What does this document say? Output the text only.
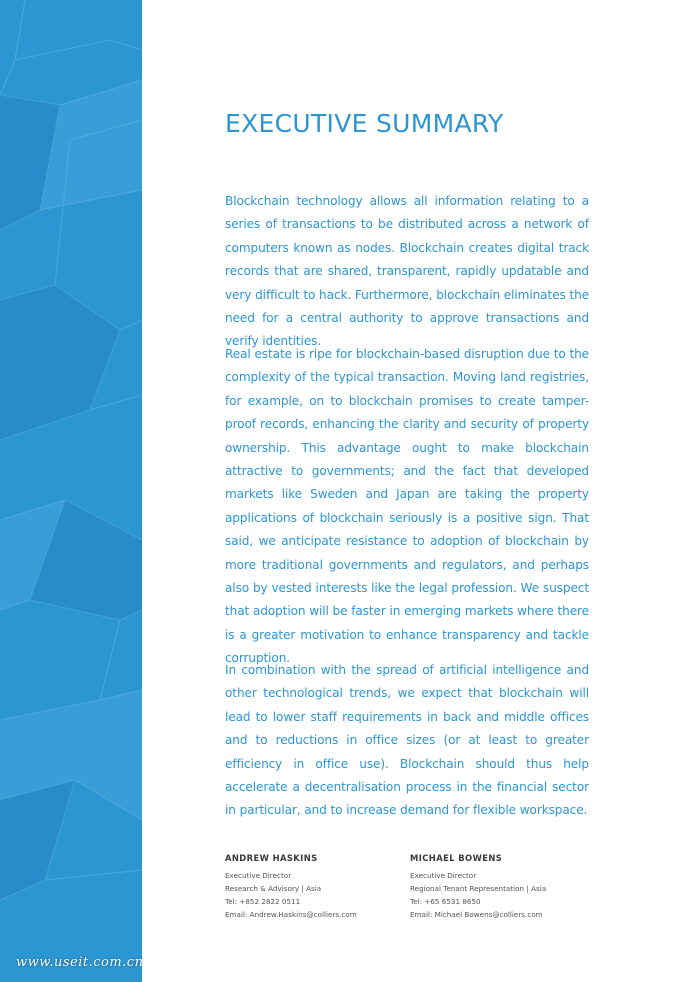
www.useit.com.cn
EXECUTIVE SUMMARY

Blockchain technology allows all information relating to a series of transactions to be distributed across a network of computers known as nodes. Blockchain creates digital track records that are shared, transparent, rapidly updatable and very difficult to hack. Furthermore, blockchain eliminates the need for a central authority to approve transactions and verify identities.

Real estate is ripe for blockchain-based disruption due to the complexity of the typical transaction. Moving land registries, for example, on to blockchain promises to create tamper-proof records, enhancing the clarity and security of property ownership. This advantage ought to make blockchain attractive to governments; and the fact that developed markets like Sweden and Japan are taking the property applications of blockchain seriously is a positive sign. That said, we anticipate resistance to adoption of blockchain by more traditional governments and regulators, and perhaps also by vested interests like the legal profession. We suspect that adoption will be faster in emerging markets where there is a greater motivation to enhance transparency and tackle corruption.

In combination with the spread of artificial intelligence and other technological trends, we expect that blockchain will lead to lower staff requirements in back and middle offices and to reductions in office sizes (or at least to greater efficiency in office use). Blockchain should thus help accelerate a decentralisation process in the financial sector in particular, and to increase demand for flexible workspace.

ANDREW HASKINS
Executive Director
Research & Advisory | Asia
Tel: +852 2822 0511
Email: Andrew.Haskins@colliers.com
MICHAEL BOWENS
Executive Director
Regional Tenant Representation | Asia
Tel: +65 6531 8650
Email: Michael Bowens@colliers.com
